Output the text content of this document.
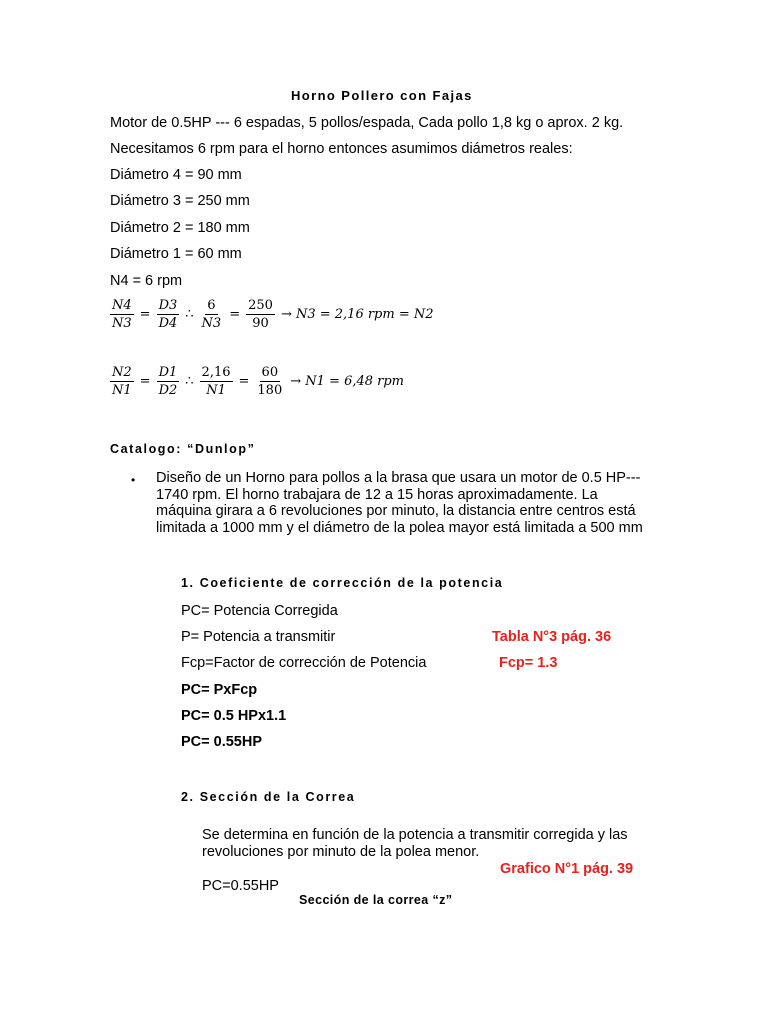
Horno Pollero con Fajas
Motor de 0.5HP --- 6 espadas, 5 pollos/espada, Cada pollo 1,8 kg o aprox. 2 kg.
Necesitamos 6 rpm para el horno entonces asumimos diámetros reales:
Diámetro 4 = 90 mm
Diámetro 3 = 250 mm
Diámetro 2 = 180 mm
Diámetro 1 = 60 mm
N4 = 6 rpm
$\frac{N4}{N3} = \frac{D3}{D4}$ ∴ $\frac{6}{N3} = \frac{250}{90} \to N3 = 2,16$ rpm = N2
$\frac{N2}{N1} = \frac{D1}{D2}$ ∴ $\frac{2,16}{N1} = \frac{60}{180} \to N1 = 6,48$ rpm
Catalogo: “Dunlop”
• Diseño de un Horno para pollos a la brasa que usara un motor de 0.5 HP--- 1740 rpm. El horno trabajara de 12 a 15 horas aproximadamente. La máquina girara a 6 revoluciones por minuto, la distancia entre centros está limitada a 1000 mm y el diámetro de la polea mayor está limitada a 500 mm
1. Coeficiente de corrección de la potencia
PC= Potencia Corregida
P= Potencia a transmitir	Tabla N°3 pág. 36
Fcp=Factor de corrección de Potencia	Fcp= 1.3
PC= PxFcp
PC= 0.5 HPx1.1
PC= 0.55HP
2. Sección de la Correa
Se determina en función de la potencia a transmitir corregida y las revoluciones por minuto de la polea menor.
Grafico N°1 pág. 39
PC=0.55HP
Sección de la correa “z”
